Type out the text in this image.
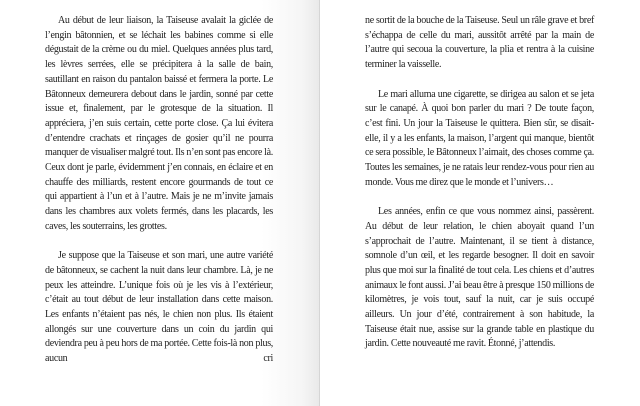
Au début de leur liaison, la Taiseuse avalait la giclée de l’engin bâtonnien, et se léchait les babines comme si elle dégustait de la crème ou du miel. Quelques années plus tard, les lèvres serrées, elle se précipitera à la salle de bain, sautillant en raison du pantalon baissé et fermera la porte. Le Bâtonneux demeurera debout dans le jardin, sonné par cette issue et, finalement, par le grotesque de la situation. Il appréciera, j’en suis certain, cette porte close. Ça lui évitera d’entendre crachats et rinçages de gosier qu’il ne pourra manquer de visualiser malgré tout. Ils n’en sont pas encore là. Ceux dont je parle, évidemment j’en connais, en éclaire et en chauffe des milliards, restent encore gourmands de tout ce qui appartient à l’un et à l’autre. Mais je ne m’invite jamais dans les chambres aux volets fermés, dans les placards, les caves, les souterrains, les grottes.

Je suppose que la Taiseuse et son mari, une autre variété de bâtonneux, se cachent la nuit dans leur chambre. Là, je ne peux les atteindre. L’unique fois où je les vis à l’extérieur, c’était au tout début de leur installation dans cette maison. Les enfants n’étaient pas nés, le chien non plus. Ils étaient allongés sur une couverture dans un coin du jardin qui deviendra peu à peu hors de ma portée. Cette fois-là non plus, aucun cri

ne sortit de la bouche de la Taiseuse. Seul un râle grave et bref s’échappa de celle du mari, aussitôt arrêté par la main de l’autre qui secoua la couverture, la plia et rentra à la cuisine terminer la vaisselle.

Le mari alluma une cigarette, se dirigea au salon et se jeta sur le canapé. À quoi bon parler du mari ? De toute façon, c’est fini. Un jour la Taiseuse le quittera. Bien sûr, se disait-elle, il y a les enfants, la maison, l’argent qui manque, bientôt ce sera possible, le Bâtonneux l’aimait, des choses comme ça. Toutes les semaines, je ne ratais leur rendez-vous pour rien au monde. Vous me direz que le monde et l’univers…

Les années, enfin ce que vous nommez ainsi, passèrent. Au début de leur relation, le chien aboyait quand l’un s’approchait de l’autre. Maintenant, il se tient à distance, somnole d’un œil, et les regarde besogner. Il doit en savoir plus que moi sur la finalité de tout cela. Les chiens et d’autres animaux le font aussi. J’ai beau être à presque 150 millions de kilomètres, je vois tout, sauf la nuit, car je suis occupé ailleurs. Un jour d’été, contrairement à son habitude, la Taiseuse était nue, assise sur la grande table en plastique du jardin. Cette nouveauté me ravit. Étonné, j’attendis.
